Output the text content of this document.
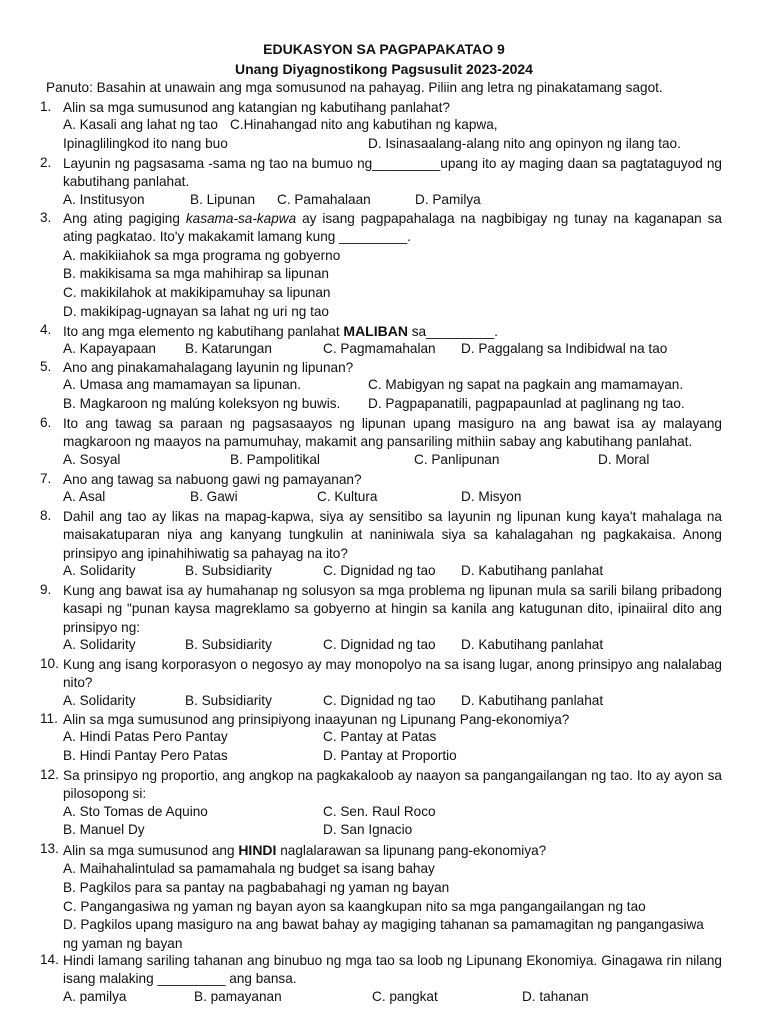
EDUKASYON SA PAGPAPAKATAO 9
Unang Diyagnostikong Pagsusulit 2023-2024
Panuto: Basahin at unawain ang mga somusunod na pahayag. Piliin ang letra ng pinakatamang sagot.
1. Alin sa mga sumusunod ang katangian ng kabutihang panlahat?
A. Kasali ang lahat ng tao C.Hinahangad nito ang kabutihan ng kapwa,
Ipinaglilingkod ito nang buo	D. Isinasaalang-alang nito ang opinyon ng ilang tao.
2. Layunin ng pagsasama -sama ng tao na bumuo ng_________upang ito ay maging daan sa pagtataguyod ng kabutihang panlahat.
A. Institusyon	B. Lipunan C. Pamahalaan	D. Pamilya
3. Ang ating pagiging kasama-sa-kapwa ay isang pagpapahalaga na nagbibigay ng tunay na kaganapan sa ating pagkatao. Ito'y makakamit lamang kung _________.
A. makikiiahok sa mga programa ng gobyerno
B. makikisama sa mga mahihirap sa lipunan
C. makikilahok at makikipamuhay sa lipunan
D. makikipag-ugnayan sa lahat ng uri ng tao
4. Ito ang mga elemento ng kabutihang panlahat MALIBAN sa_________.
A. Kapayapaan B. Katarungan	C. Pagmamahalan D. Paggalang sa Indibidwal na tao
5. Ano ang pinakamahalagang layunin ng lipunan?
A. Umasa ang mamamayan sa lipunan.	C. Mabigyan ng sapat na pagkain ang mamamayan.
B. Magkaroon ng malúng koleksyon ng buwis. D. Pagpapanatili, pagpapaunlad at paglinang ng tao.
6. Ito ang tawag sa paraan ng pagsasaayos ng lipunan upang masiguro na ang bawat isa ay malayang magkaroon ng maayos na pamumuhay, makamit ang pansariling mithiin sabay ang kabutihang panlahat.
A. Sosyal	B. Pampolitikal	C. Panlipunan	D. Moral
7. Ano ang tawag sa nabuong gawi ng pamayanan?
A. Asal	B. Gawi	C. Kultura	D. Misyon
8. Dahil ang tao ay likas na mapag-kapwa, siya ay sensitibo sa layunin ng lipunan kung kaya't mahalaga na maisakatuparan niya ang kanyang tungkulin at naniniwala siya sa kahalagahan ng pagkakaisa. Anong prinsipyo ang ipinahihiwatig sa pahayag na ito?
A. Solidarity	B. Subsidiarity	C. Dignidad ng tao D. Kabutihang panlahat
9. Kung ang bawat isa ay humahanap ng solusyon sa mga problema ng lipunan mula sa sarili bilang pribadong kasapi ng "punan kaysa magreklamo sa gobyerno at hingin sa kanila ang katugunan dito, ipinaiiral dito ang prinsipyo ng:
A. Solidarity	B. Subsidiarity	C. Dignidad ng tao D. Kabutihang panlahat
10. Kung ang isang korporasyon o negosyo ay may monopolyo na sa isang lugar, anong prinsipyo ang nalalabag nito?
A. Solidarity	B. Subsidiarity	C. Dignidad ng tao D. Kabutihang panlahat
11. Alin sa mga sumusunod ang prinsipiyong inaayunan ng Lipunang Pang-ekonomiya?
A. Hindi Patas Pero Pantay	C. Pantay at Patas
B. Hindi Pantay Pero Patas	D. Pantay at Proportio
12. Sa prinsipyo ng proportio, ang angkop na pagkakaloob ay naayon sa pangangailangan ng tao. Ito ay ayon sa pilosopong si:
A. Sto Tomas de Aquino	C. Sen. Raul Roco
B. Manuel Dy	D. San Ignacio
13. Alin sa mga sumusunod ang HINDI naglalarawan sa lipunang pang-ekonomiya?
A. Maihahalintulad sa pamamahala ng budget sa isang bahay
B. Pagkilos para sa pantay na pagbabahagi ng yaman ng bayan
C. Pangangasiwa ng yaman ng bayan ayon sa kaangkupan nito sa mga pangangailangan ng tao
D. Pagkilos upang masiguro na ang bawat bahay ay magiging tahanan sa pamamagitan ng pangangasiwa ng yaman ng bayan
14. Hindi lamang sariling tahanan ang binubuo ng mga tao sa loob ng Lipunang Ekonomiya. Ginagawa rin nilang isang malaking _________ ang bansa.
A. pamilya	B. pamayanan	C. pangkat	D. tahanan
